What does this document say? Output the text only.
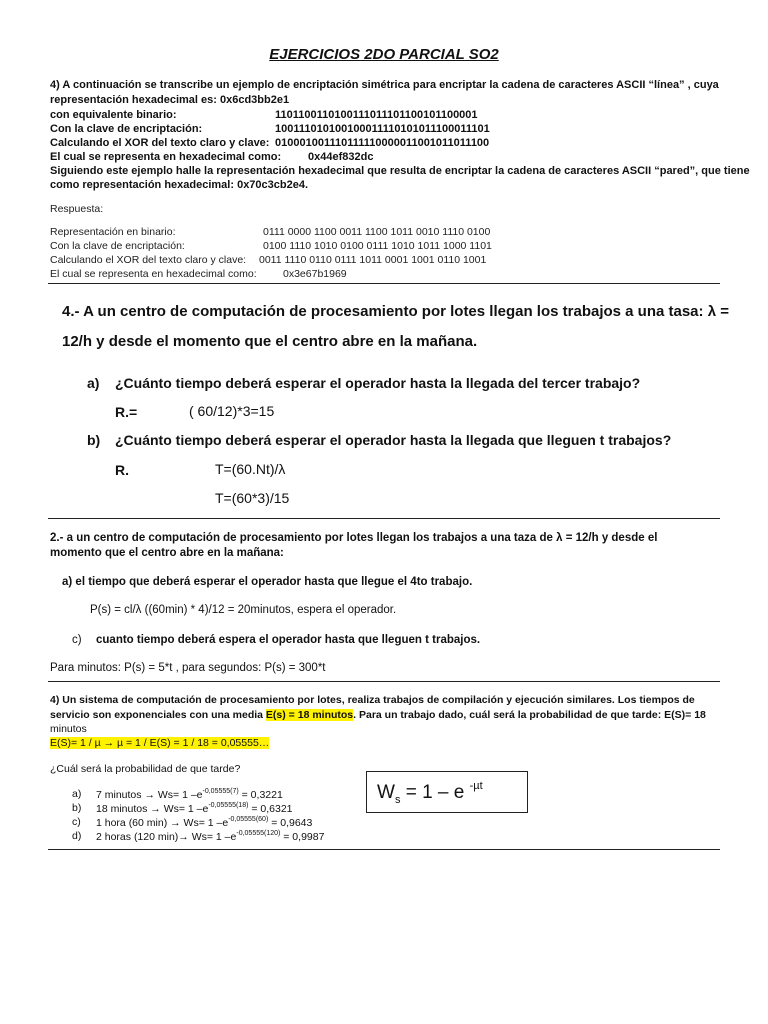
EJERCICIOS 2DO PARCIAL SO2
4) A continuación se transcribe un ejemplo de encriptación simétrica para encriptar la cadena de caracteres ASCII “línea” , cuya
representación hexadecimal es: 0x6cd3bb2e1
con equivalente binario:	1101100110100111011101100101100001
Con la clave de encriptación:	100111010100100011110101011100011101
Calculando el XOR del texto claro y clave: 010001001110111110000011001011011100
El cual se representa en hexadecimal como: 0x44ef832dc
Siguiendo este ejemplo halle la representación hexadecimal que resulta de encriptar la cadena de caracteres ASCII “pared”, que tiene
como representación hexadecimal: 0x70c3cb2e4.
Respuesta:
Representación en binario:	0111 0000 1100 0011 1100 1011 0010 1110 0100
Con la clave de encriptación:	0100 1110 1010 0100 0111 1010 1011 1000 1101
Calculando el XOR del texto claro y clave: 0011 1110 0110 0111 1011 0001 1001 0110 1001
El cual se representa en hexadecimal como:	0x3e67b1969
4.- A un centro de computación de procesamiento por lotes llegan los trabajos a una tasa: λ =
12/h y desde el momento que el centro abre en la mañana.
a) ¿Cuánto tiempo deberá esperar el operador hasta la llegada del tercer trabajo?
R.=	( 60/12)*3=15
b) ¿Cuánto tiempo deberá esperar el operador hasta la llegada que lleguen t trabajos?
R.	T=(60.Nt)/λ
T=(60*3)/15
2.- a un centro de computación de procesamiento por lotes llegan los trabajos a una taza de λ = 12/h y desde el
momento que el centro abre en la mañana:
a) el tiempo que deberá esperar el operador hasta que llegue el 4to trabajo.
P(s) = cl/λ ((60min) * 4)/12 = 20minutos, espera el operador.
c) cuanto tiempo deberá espera el operador hasta que lleguen t trabajos.
Para minutos: P(s) = 5*t , para segundos: P(s) = 300*t
4) Un sistema de computación de procesamiento por lotes, realiza trabajos de compilación y ejecución similares. Los tiempos de
servicio son exponenciales con una media E(s) = 18 minutos. Para un trabajo dado, cuál será la probabilidad de que tarde: E(S)= 18
minutos
E(S)= 1 / µ → µ = 1 / E(S) = 1 / 18 = 0,05555…
¿Cuál será la probabilidad de que tarde?
a) 7 minutos → Ws= 1 $-e^{-0,05555(7)} = 0,3221$
b) 18 minutos → Ws= 1 $-e^{-0,05555(18)} = 0,6321$
c) 1 hora (60 min) → Ws= 1 $-e^{-0,05555(60)} = 0,9643$
d) 2 horas (120 min)→ Ws= 1 $-e^{-0,05555(120)} = 0,9987$
$W_s = 1 - e$ $^{-\mu t}$
